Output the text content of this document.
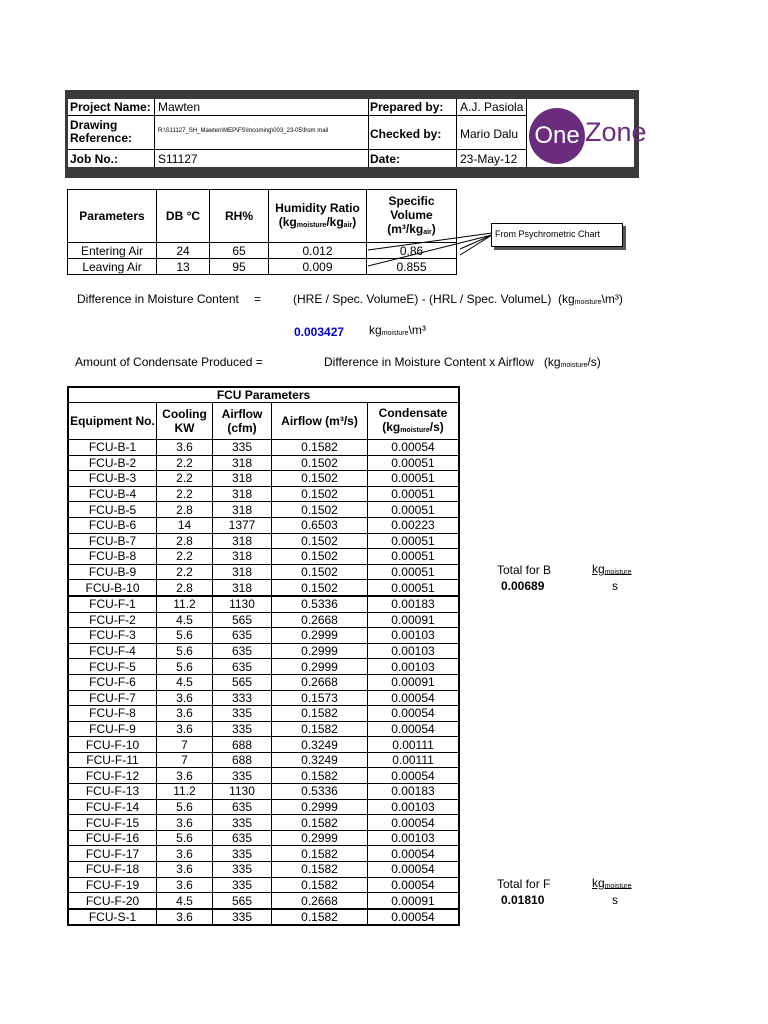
Project Name: Mawten
Drawing Reference:	R:\S11127_SH_Mawten\MEP\FS\Incoming\003_23-05\from mail
Job No.:	S11127
Prepared by: A.J. Pasiola
Checked by: Mario Dalu
Date:	23-May-12
One Zone
Parameters	DB °C	RH%	Humidity Ratio
$(kg_{moisture}/kg_{air})$	Specific Volume
$(m^3/kg_{air})$
Entering Air	24	65	0.012	0.86
Leaving Air	13	95	0.009	0.855
From Psychrometric Chart
Difference in Moisture Content =	(HRE / Spec. VolumeE) - (HRL / Spec. VolumeL) $(kg_{moisture}\backslash m^3)$
0.003427 $kg_{moisture}\backslash m^3$
Amount of Condensate Produced =	Difference in Moisture Content x Airflow $(kg_{moisture}/s)$
FCU Parameters				
Equipment No.	Cooling KW	Airflow (cfm)	Airflow (m³/s)	Condensate
$(kg_{moisture}/s)$
FCU-B-1	3.6	335	0.1582	0.00054
FCU-B-2	2.2	318	0.1502	0.00051
FCU-B-3	2.2	318	0.1502	0.00051
FCU-B-4	2.2	318	0.1502	0.00051
FCU-B-5	2.8	318	0.1502	0.00051
FCU-B-6	14	1377	0.6503	0.00223
FCU-B-7	2.8	318	0.1502	0.00051
FCU-B-8	2.2	318	0.1502	0.00051
FCU-B-9	2.2	318	0.1502	0.00051
FCU-B-10	2.8	318	0.1502	0.00051
FCU-F-1	11.2	1130	0.5336	0.00183
FCU-F-2	4.5	565	0.2668	0.00091
FCU-F-3	5.6	635	0.2999	0.00103
FCU-F-4	5.6	635	0.2999	0.00103
FCU-F-5	5.6	635	0.2999	0.00103
FCU-F-6	4.5	565	0.2668	0.00091
FCU-F-7	3.6	333	0.1573	0.00054
FCU-F-8	3.6	335	0.1582	0.00054
FCU-F-9	3.6	335	0.1582	0.00054
FCU-F-10	7	688	0.3249	0.00111
FCU-F-11	7	688	0.3249	0.00111
FCU-F-12	3.6	335	0.1582	0.00054
FCU-F-13	11.2	1130	0.5336	0.00183
FCU-F-14	5.6	635	0.2999	0.00103
FCU-F-15	3.6	335	0.1582	0.00054
FCU-F-16	5.6	635	0.2999	0.00103
FCU-F-17	3.6	335	0.1582	0.00054
FCU-F-18	3.6	335	0.1582	0.00054
FCU-F-19	3.6	335	0.1582	0.00054
FCU-F-20	4.5	565	0.2668	0.00091
FCU-S-1	3.6	335	0.1582	0.00054
Total for B
0.00689
$kg_{moisture}$
s
Total for F
0.01810
$kg_{moisture}$
s
